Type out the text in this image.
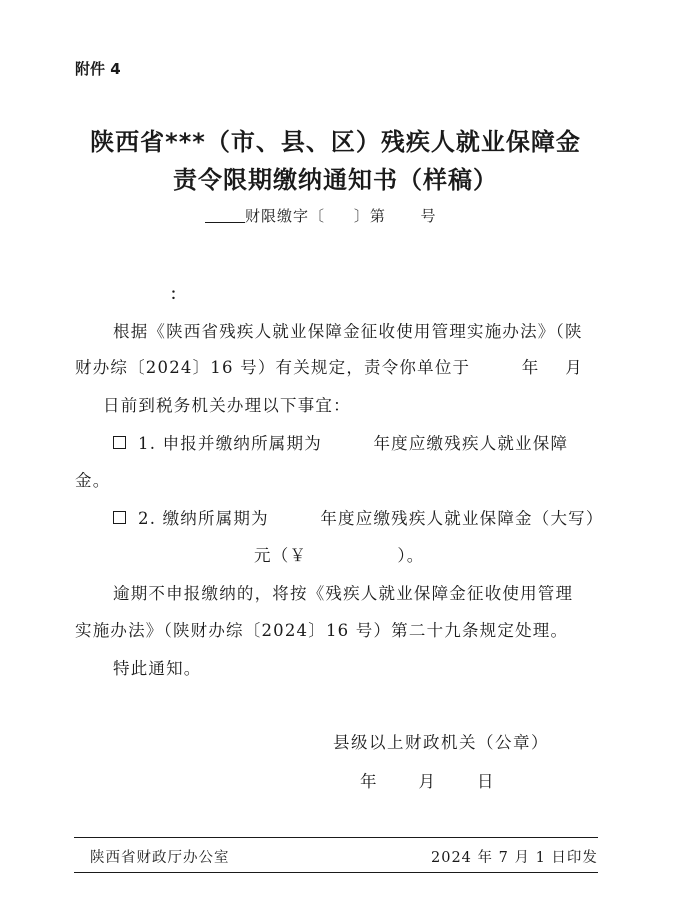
附件 4
陕西省***（市、县、区）残疾人就业保障金
责令限期缴纳通知书（样稿）
财限缴字〔     〕第      号
：
根据《陕西省残疾人就业保障金征收使用管理实施办法》（陕
财办综〔2024〕16 号）有关规定，责令你单位于        年    月
日前到税务机关办理以下事宜：
1. 申报并缴纳所属期为        年度应缴残疾人就业保障
金。
2. 缴纳所属期为        年度应缴残疾人就业保障金（大写）
元（￥              ）。
逾期不申报缴纳的，将按《残疾人就业保障金征收使用管理
实施办法》（陕财办综〔2024〕16 号）第二十九条规定处理。
特此通知。
县级以上财政机关（公章）
年      月      日
陕西省财政厅办公室	2024 年 7 月 1 日印发
